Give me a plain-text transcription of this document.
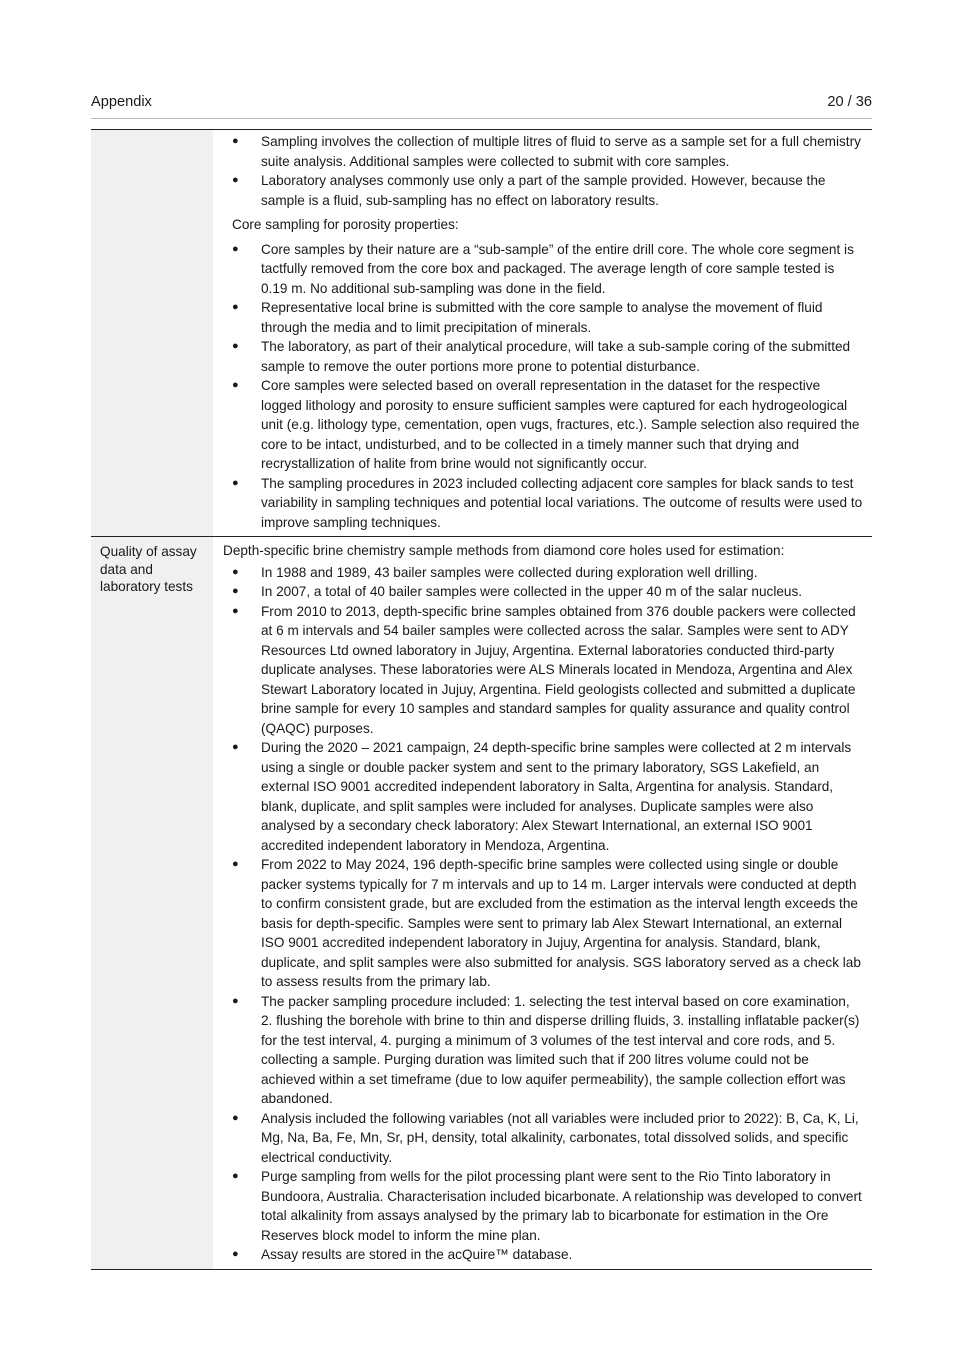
Appendix	20 / 36
● Sampling involves the collection of multiple litres of fluid to serve as a sample set for a full chemistry suite analysis. Additional samples were collected to submit with core samples.
● Laboratory analyses commonly use only a part of the sample provided. However, because the sample is a fluid, sub-sampling has no effect on laboratory results.
Core sampling for porosity properties:
● Core samples by their nature are a “sub-sample” of the entire drill core. The whole core segment is tactfully removed from the core box and packaged. The average length of core sample tested is 0.19 m. No additional sub-sampling was done in the field.
● Representative local brine is submitted with the core sample to analyse the movement of fluid through the media and to limit precipitation of minerals.
● The laboratory, as part of their analytical procedure, will take a sub-sample coring of the submitted sample to remove the outer portions more prone to potential disturbance.
● Core samples were selected based on overall representation in the dataset for the respective logged lithology and porosity to ensure sufficient samples were captured for each hydrogeological unit (e.g. lithology type, cementation, open vugs, fractures, etc.). Sample selection also required the core to be intact, undisturbed, and to be collected in a timely manner such that drying and recrystallization of halite from brine would not significantly occur.
● The sampling procedures in 2023 included collecting adjacent core samples for black sands to test variability in sampling techniques and potential local variations. The outcome of results were used to improve sampling techniques.
Quality of assay data and laboratory tests
Depth-specific brine chemistry sample methods from diamond core holes used for estimation:
● In 1988 and 1989, 43 bailer samples were collected during exploration well drilling.
● In 2007, a total of 40 bailer samples were collected in the upper 40 m of the salar nucleus.
● From 2010 to 2013, depth-specific brine samples obtained from 376 double packers were collected at 6 m intervals and 54 bailer samples were collected across the salar. Samples were sent to ADY Resources Ltd owned laboratory in Jujuy, Argentina. External laboratories conducted third-party duplicate analyses. These laboratories were ALS Minerals located in Mendoza, Argentina and Alex Stewart Laboratory located in Jujuy, Argentina. Field geologists collected and submitted a duplicate brine sample for every 10 samples and standard samples for quality assurance and quality control (QAQC) purposes.
● During the 2020 – 2021 campaign, 24 depth-specific brine samples were collected at 2 m intervals using a single or double packer system and sent to the primary laboratory, SGS Lakefield, an external ISO 9001 accredited independent laboratory in Salta, Argentina for analysis. Standard, blank, duplicate, and split samples were included for analyses. Duplicate samples were also analysed by a secondary check laboratory: Alex Stewart International, an external ISO 9001 accredited independent laboratory in Mendoza, Argentina.
● From 2022 to May 2024, 196 depth-specific brine samples were collected using single or double packer systems typically for 7 m intervals and up to 14 m. Larger intervals were conducted at depth to confirm consistent grade, but are excluded from the estimation as the interval length exceeds the basis for depth-specific. Samples were sent to primary lab Alex Stewart International, an external ISO 9001 accredited independent laboratory in Jujuy, Argentina for analysis. Standard, blank, duplicate, and split samples were also submitted for analysis. SGS laboratory served as a check lab to assess results from the primary lab.
● The packer sampling procedure included: 1. selecting the test interval based on core examination, 2. flushing the borehole with brine to thin and disperse drilling fluids, 3. installing inflatable packer(s) for the test interval, 4. purging a minimum of 3 volumes of the test interval and core rods, and 5. collecting a sample. Purging duration was limited such that if 200 litres volume could not be achieved within a set timeframe (due to low aquifer permeability), the sample collection effort was abandoned.
● Analysis included the following variables (not all variables were included prior to 2022): B, Ca, K, Li, Mg, Na, Ba, Fe, Mn, Sr, pH, density, total alkalinity, carbonates, total dissolved solids, and specific electrical conductivity.
● Purge sampling from wells for the pilot processing plant were sent to the Rio Tinto laboratory in Bundoora, Australia. Characterisation included bicarbonate. A relationship was developed to convert total alkalinity from assays analysed by the primary lab to bicarbonate for estimation in the Ore Reserves block model to inform the mine plan.
● Assay results are stored in the acQuire™ database.
